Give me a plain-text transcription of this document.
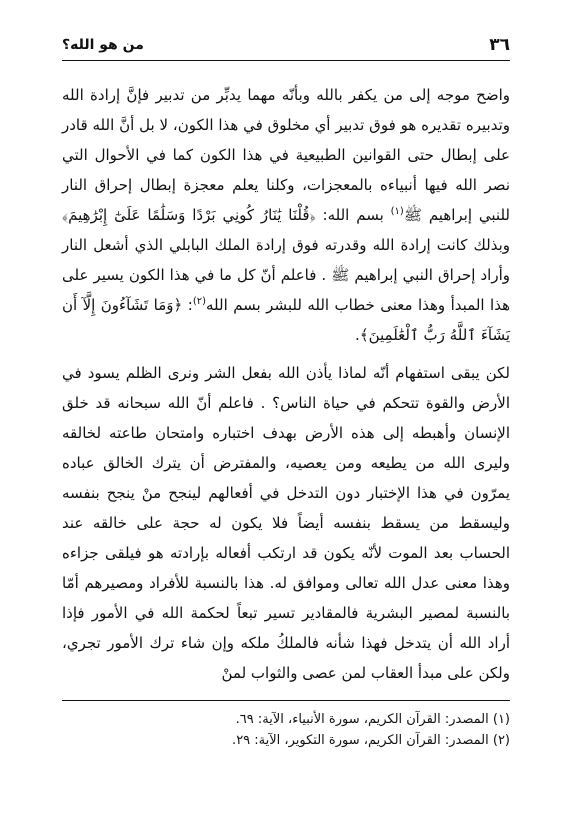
٣٦
من هو الله؟

واضح موجه إلى من يكفر بالله وبأنّه مهما يدبِّر من تدبير فإنَّ إرادة الله وتدبيره تقديره هو فوق تدبير أي مخلوق في هذا الكون، لا بل أنَّ الله قادر على إبطال حتى القوانين الطبيعية في هذا الكون كما في الأحوال التي نصر الله فيها أنبياءه بالمعجزات، وكلنا يعلم معجزة إبطال إحراق النار للنبي إبراهيم ﷺ$^{(١)}$ بسم الله: ﴿قُلْنَا يَٰنَارُ كُونِي بَرْدًا وَسَلَٰمًا عَلَىٰٓ إِبْرَٰهِيمَ﴾ وبذلك كانت إرادة الله وقدرته فوق إرادة الملك البابلي الذي أشعل النار وأراد إحراق النبي إبراهيم ﷺ . فاعلم أنّ كل ما في هذا الكون يسير على هذا المبدأ وهذا معنى خطاب الله للبشر بسم الله$^{(٢)}$: ﴿وَمَا تَشَآءُونَ إِلَّآ أَن يَشَآءَ ٱللَّهُ رَبُّ ٱلْعَٰلَمِينَ﴾.

لكن يبقى استفهام أنّه لماذا يأذن الله بفعل الشر ونرى الظلم يسود في الأرض والقوة تتحكم في حياة الناس؟ . فاعلم أنّ الله سبحانه قد خلق الإنسان وأهبطه إلى هذه الأرض بهدف اختباره وامتحان طاعته لخالقه وليرى الله من يطيعه ومن يعصيه، والمفترض أن يترك الخالق عباده يمرّون في هذا الإختبار دون التدخل في أفعالهم لينجح منْ ينجح بنفسه وليسقط من يسقط بنفسه أيضاً فلا يكون له حجة على خالقه عند الحساب بعد الموت لأنّه يكون قد ارتكب أفعاله بإرادته هو فيلقى جزاءه وهذا معنى عدل الله تعالى وموافق له. هذا بالنسبة للأفراد ومصيرهم أمّا بالنسبة لمصير البشرية فالمقادير تسير تبعاً لحكمة الله في الأمور فإذا أراد الله أن يتدخل فهذا شأنه فالملكُ ملكه وإن شاء ترك الأمور تجري، ولكن على مبدأ العقاب لمن عصى والثواب لمنْ

(١) المصدر: القرآن الكريم، سورة الأنبياء، الآية: ٦٩.

(٢) المصدر: القرآن الكريم، سورة التكوير، الآية: ٢٩.
